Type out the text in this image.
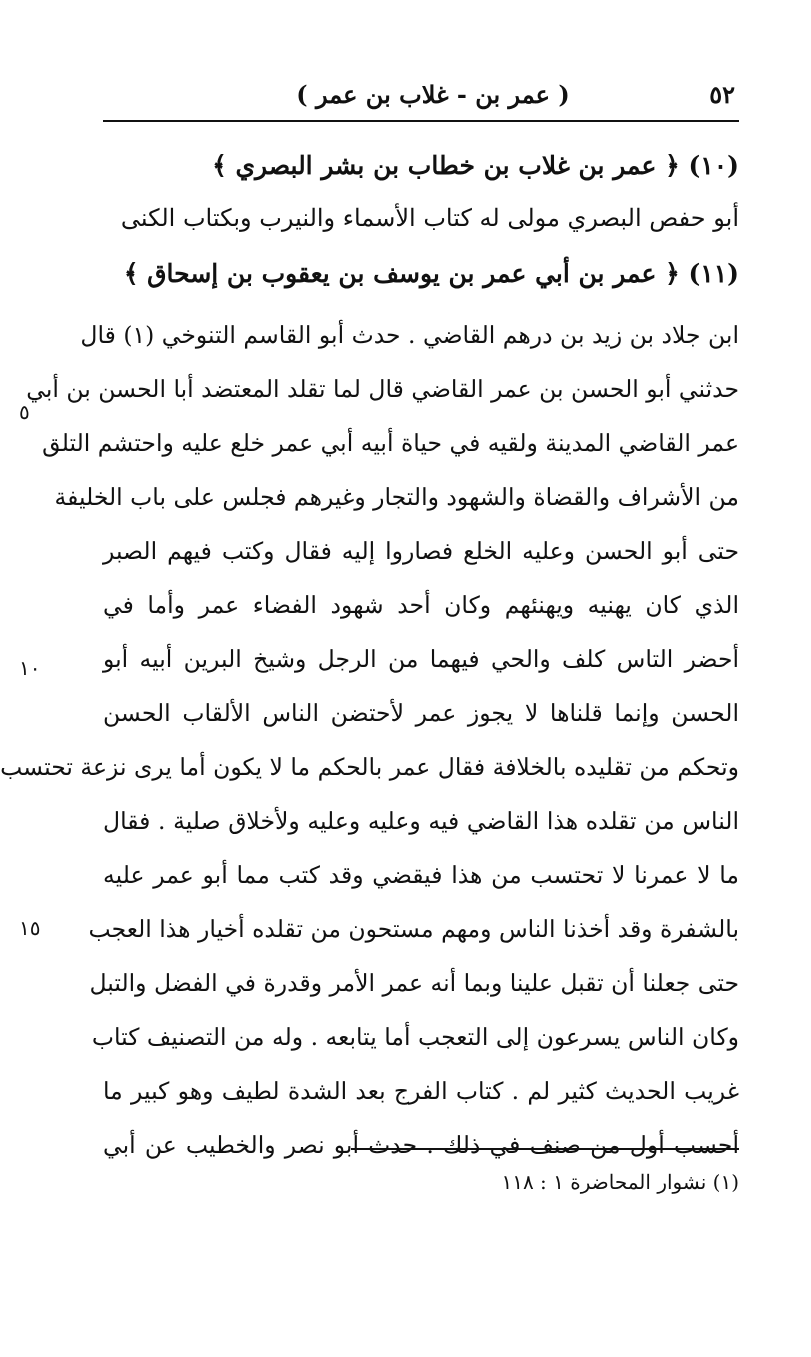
٥٢
( عمر بن - غلاب بن عمر )
(١٠) ﴿ عمر بن غلاب بن خطاب بن بشر البصري ﴾
أبو حفص البصري مولى له كتاب الأسماء والنيرب وبكتاب الكنى
(١١) ﴿ عمر بن أبي عمر بن يوسف بن يعقوب بن إسحاق ﴾
ابن جلاد بن زيد بن درهم القاضي . حدث أبو القاسم التنوخي (١) قال
حدثني أبو الحسن بن عمر القاضي قال لما تقلد المعتضد أبا الحسن بن أبي
عمر القاضي المدينة ولقيه في حياة أبيه أبي عمر خلع عليه واحتشم التلق
من الأشراف والقضاة والشهود والتجار وغيرهم فجلس على باب الخليفة
حتى أبو الحسن وعليه الخلع فصاروا إليه فقال وكتب فيهم الصبر
الذي كان يهنيه ويهنئهم وكان أحد شهود الفضاء عمر وأما في
أحضر التاس كلف والحي فيهما من الرجل وشيخ البرين أبيه أبو
الحسن وإنما قلناها لا يجوز عمر لأحتضن الناس الألقاب الحسن
وتحكم من تقليده بالخلافة فقال عمر بالحكم ما لا يكون أما يرى نزعة تحتسب
الناس من تقلده هذا القاضي فيه وعليه وعليه ولأخلاق صلية . فقال
ما لا عمرنا لا تحتسب من هذا فيقضي وقد كتب مما أبو عمر عليه
بالشفرة وقد أخذنا الناس ومهم مستحون من تقلده أخيار هذا العجب
حتى جعلنا أن تقبل علينا وبما أنه عمر الأمر وقدرة في الفضل والتبل
وكان الناس يسرعون إلى التعجب أما يتابعه . وله من التصنيف كتاب
غريب الحديث كثير لم . كتاب الفرج بعد الشدة لطيف وهو كبير ما
أحسب أول من صنف في ذلك . حدث أبو نصر والخطيب عن أبي
٥
١٠
١٥
(١) نشوار المحاضرة ١ : ١١٨
